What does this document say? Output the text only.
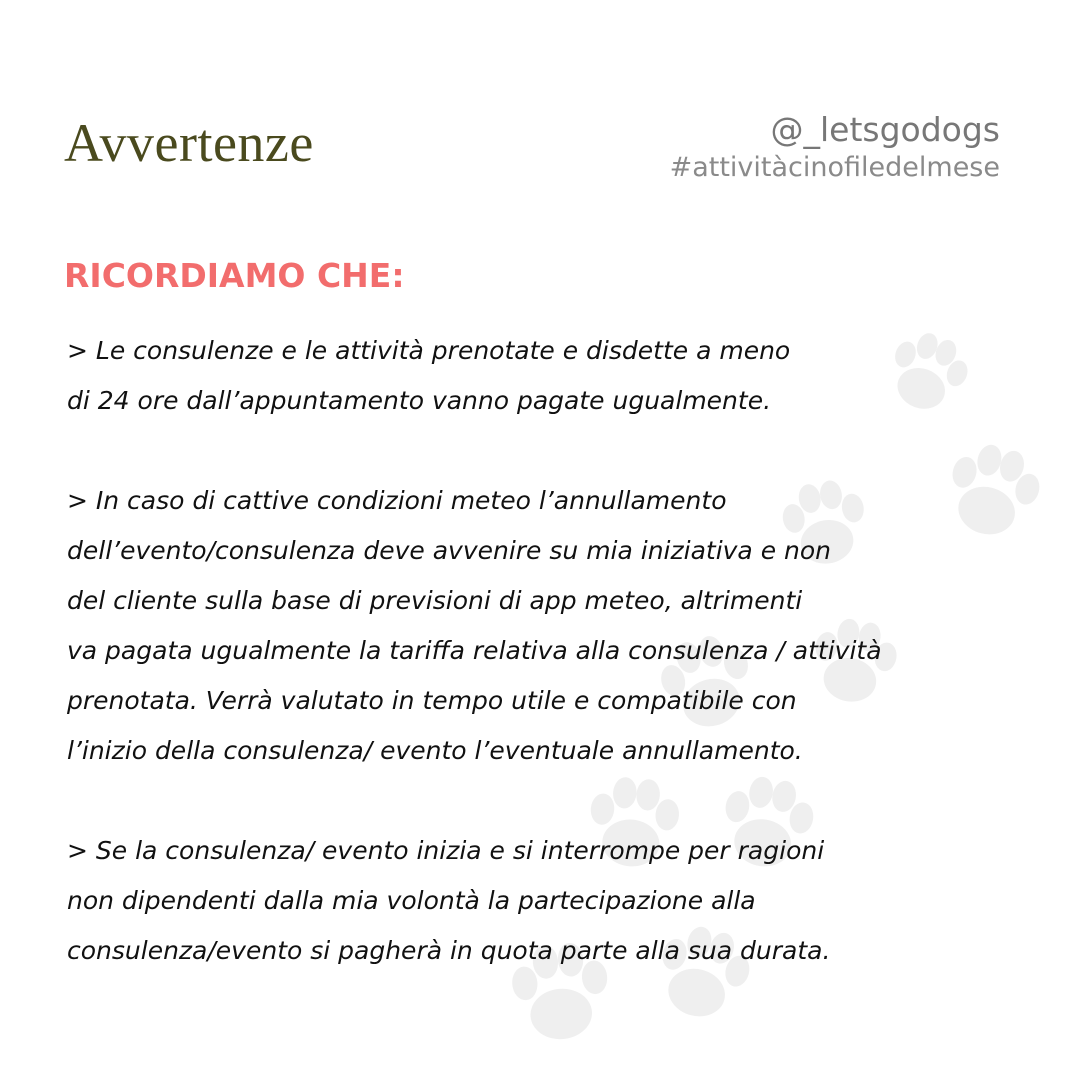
Avvertenze	@_letsgodogs
#attivitàcinofiledelmese
RICORDIAMO CHE:
> Le consulenze e le attività prenotate e disdette a meno
di 24 ore dall’appuntamento vanno pagate ugualmente.
> In caso di cattive condizioni meteo l’annullamento
dell’evento/consulenza deve avvenire su mia iniziativa e non
del cliente sulla base di previsioni di app meteo, altrimenti
va pagata ugualmente la tariffa relativa alla consulenza / attività
prenotata. Verrà valutato in tempo utile e compatibile con
l’inizio della consulenza/ evento l’eventuale annullamento.
> Se la consulenza/ evento inizia e si interrompe per ragioni
non dipendenti dalla mia volontà la partecipazione alla
consulenza/evento si pagherà in quota parte alla sua durata.
